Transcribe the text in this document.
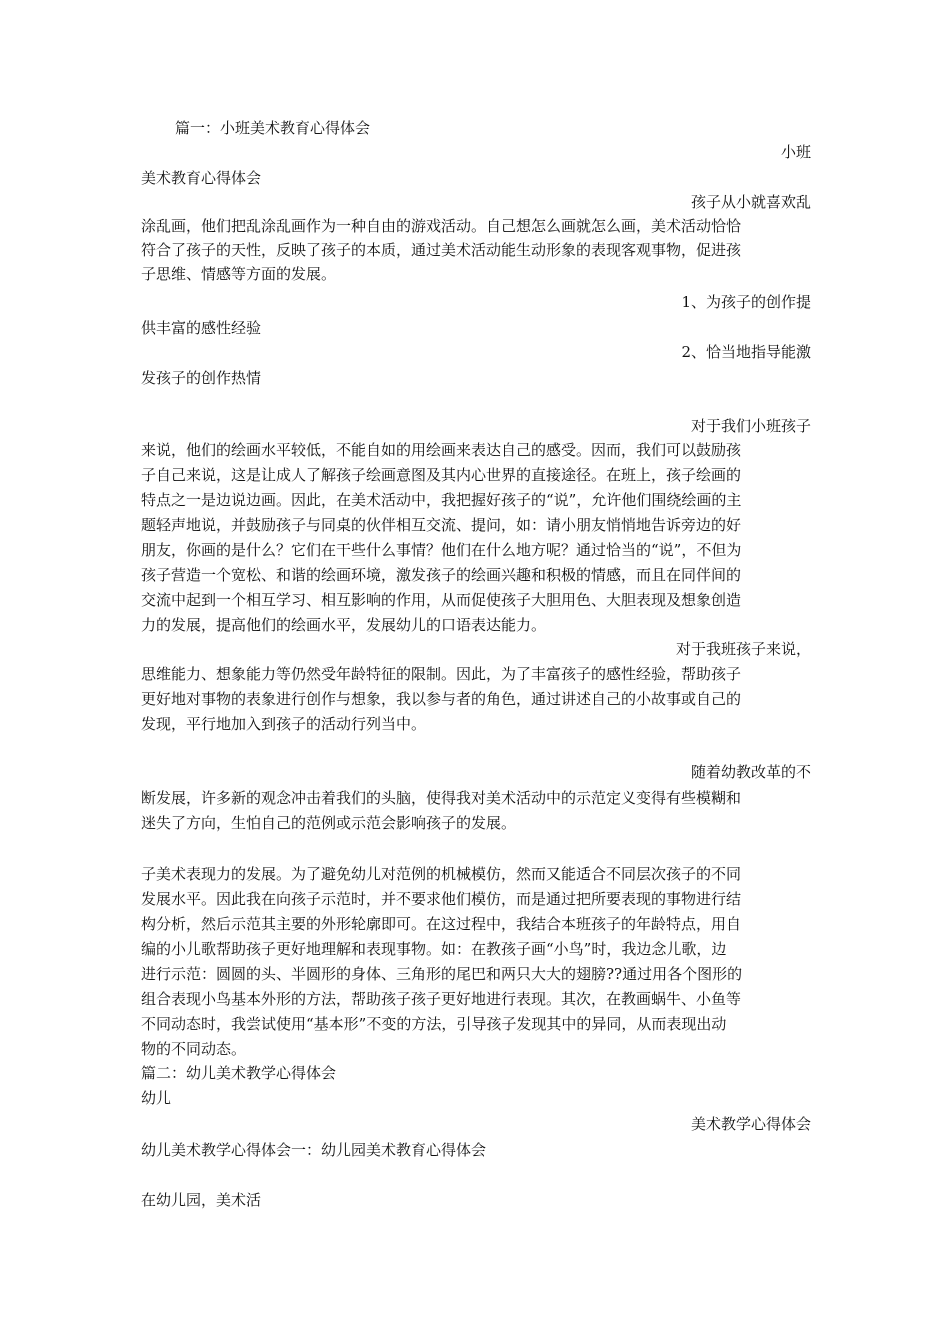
篇一：小班美术教育心得体会
小班
美术教育心得体会
孩子从小就喜欢乱
涂乱画，他们把乱涂乱画作为一种自由的游戏活动。自己想怎么画就怎么画，美术活动恰恰
符合了孩子的天性，反映了孩子的本质，通过美术活动能生动形象的表现客观事物，促进孩
子思维、情感等方面的发展。
1、为孩子的创作提
供丰富的感性经验
2、恰当地指导能激
发孩子的创作热情
对于我们小班孩子
来说，他们的绘画水平较低，不能自如的用绘画来表达自己的感受。因而，我们可以鼓励孩
子自己来说，这是让成人了解孩子绘画意图及其内心世界的直接途径。在班上，孩子绘画的
特点之一是边说边画。因此，在美术活动中，我把握好孩子的“说”，允许他们围绕绘画的主
题轻声地说，并鼓励孩子与同桌的伙伴相互交流、提问，如：请小朋友悄悄地告诉旁边的好
朋友，你画的是什么？它们在干些什么事情？他们在什么地方呢？通过恰当的“说”，不但为
孩子营造一个宽松、和谐的绘画环境，激发孩子的绘画兴趣和积极的情感，而且在同伴间的
交流中起到一个相互学习、相互影响的作用，从而促使孩子大胆用色、大胆表现及想象创造
力的发展，提高他们的绘画水平，发展幼儿的口语表达能力。
对于我班孩子来说，
思维能力、想象能力等仍然受年龄特征的限制。因此，为了丰富孩子的感性经验，帮助孩子
更好地对事物的表象进行创作与想象，我以参与者的角色，通过讲述自己的小故事或自己的
发现，平行地加入到孩子的活动行列当中。
随着幼教改革的不
断发展，许多新的观念冲击着我们的头脑，使得我对美术活动中的示范定义变得有些模糊和
迷失了方向，生怕自己的范例或示范会影响孩子的发展。
子美术表现力的发展。为了避免幼儿对范例的机械模仿，然而又能适合不同层次孩子的不同
发展水平。因此我在向孩子示范时，并不要求他们模仿，而是通过把所要表现的事物进行结
构分析，然后示范其主要的外形轮廓即可。在这过程中，我结合本班孩子的年龄特点，用自
编的小儿歌帮助孩子更好地理解和表现事物。如：在教孩子画“小鸟”时，我边念儿歌，边
进行示范：圆圆的头、半圆形的身体、三角形的尾巴和两只大大的翅膀??通过用各个图形的
组合表现小鸟基本外形的方法，帮助孩子孩子更好地进行表现。其次，在教画蜗牛、小鱼等
不同动态时，我尝试使用“基本形”不变的方法，引导孩子发现其中的异同，从而表现出动
物的不同动态。
篇二：幼儿美术教学心得体会
幼儿
美术教学心得体会
幼儿美术教学心得体会一：幼儿园美术教育心得体会
在幼儿园，美术活
